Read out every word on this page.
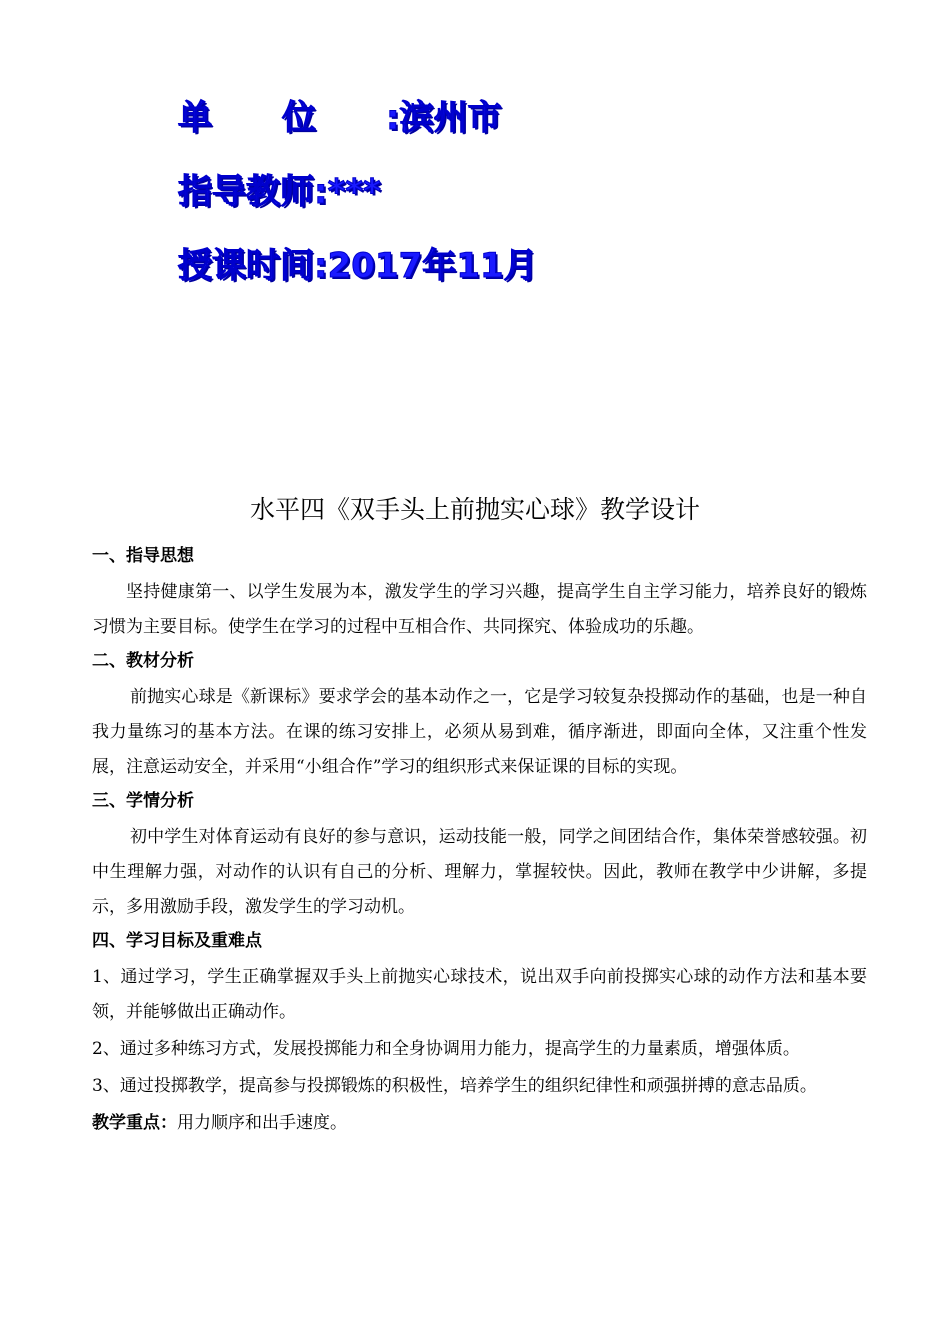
单位:滨州市
指导教师:***
授课时间:2017年11月
水平四《双手头上前抛实心球》教学设计

一、指导思想

坚持健康第一、以学生发展为本，激发学生的学习兴趣，提高学生自主学习能力，培养良好的锻炼习惯为主要目标。使学生在学习的过程中互相合作、共同探究、体验成功的乐趣。

二、教材分析

前抛实心球是《新课标》要求学会的基本动作之一，它是学习较复杂投掷动作的基础，也是一种自我力量练习的基本方法。在课的练习安排上，必须从易到难，循序渐进，即面向全体，又注重个性发展，注意运动安全，并采用“小组合作”学习的组织形式来保证课的目标的实现。

三、学情分析

初中学生对体育运动有良好的参与意识，运动技能一般，同学之间团结合作，集体荣誉感较强。初中生理解力强，对动作的认识有自己的分析、理解力，掌握较快。因此，教师在教学中少讲解，多提示，多用激励手段，激发学生的学习动机。

四、学习目标及重难点

1、通过学习，学生正确掌握双手头上前抛实心球技术，说出双手向前投掷实心球的动作方法和基本要领，并能够做出正确动作。

2、通过多种练习方式，发展投掷能力和全身协调用力能力，提高学生的力量素质，增强体质。

3、通过投掷教学，提高参与投掷锻炼的积极性，培养学生的组织纪律性和顽强拼搏的意志品质。

教学重点：用力顺序和出手速度。
